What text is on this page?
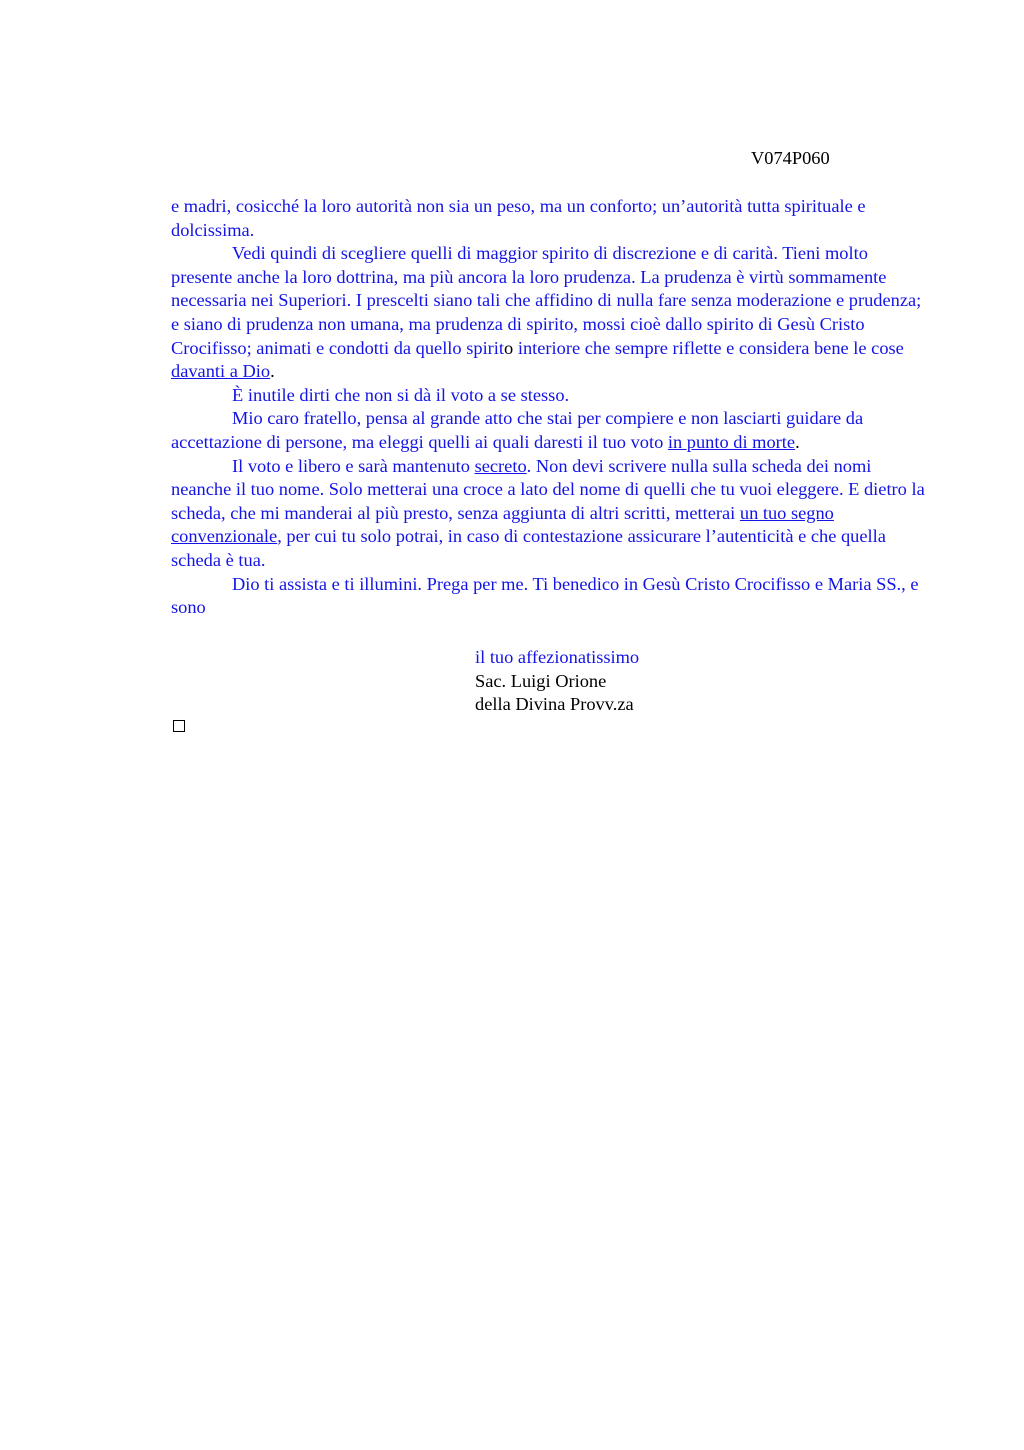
V074P060

e madri, cosicché la loro autorità non sia un peso, ma un conforto; un’autorità tutta spirituale e dolcissima.

Vedi quindi di scegliere quelli di maggior spirito di discrezione e di carità. Tieni molto presente anche la loro dottrina, ma più ancora la loro prudenza. La prudenza è virtù sommamente necessaria nei Superiori. I prescelti siano tali che affidino di nulla fare senza moderazione e prudenza; e siano di prudenza non umana, ma prudenza di spirito, mossi cioè dallo spirito di Gesù Cristo Crocifisso; animati e condotti da quello spirito interiore che sempre riflette e considera bene le cose davanti a Dio.

È inutile dirti che non si dà il voto a se stesso.

Mio caro fratello, pensa al grande atto che stai per compiere e non lasciarti guidare da accettazione di persone, ma eleggi quelli ai quali daresti il tuo voto in punto di morte.

Il voto e libero e sarà mantenuto secreto. Non devi scrivere nulla sulla scheda dei nomi neanche il tuo nome. Solo metterai una croce a lato del nome di quelli che tu vuoi eleggere. E dietro la scheda, che mi manderai al più presto, senza aggiunta di altri scritti, metterai un tuo segno convenzionale, per cui tu solo potrai, in caso di contestazione assicurare l’autenticità e che quella scheda è tua.

Dio ti assista e ti illumini. Prega per me. Ti benedico in Gesù Cristo Crocifisso e Maria SS., e sono

il tuo affezionatissimo
Sac. Luigi Orione
della Divina Provv.za
